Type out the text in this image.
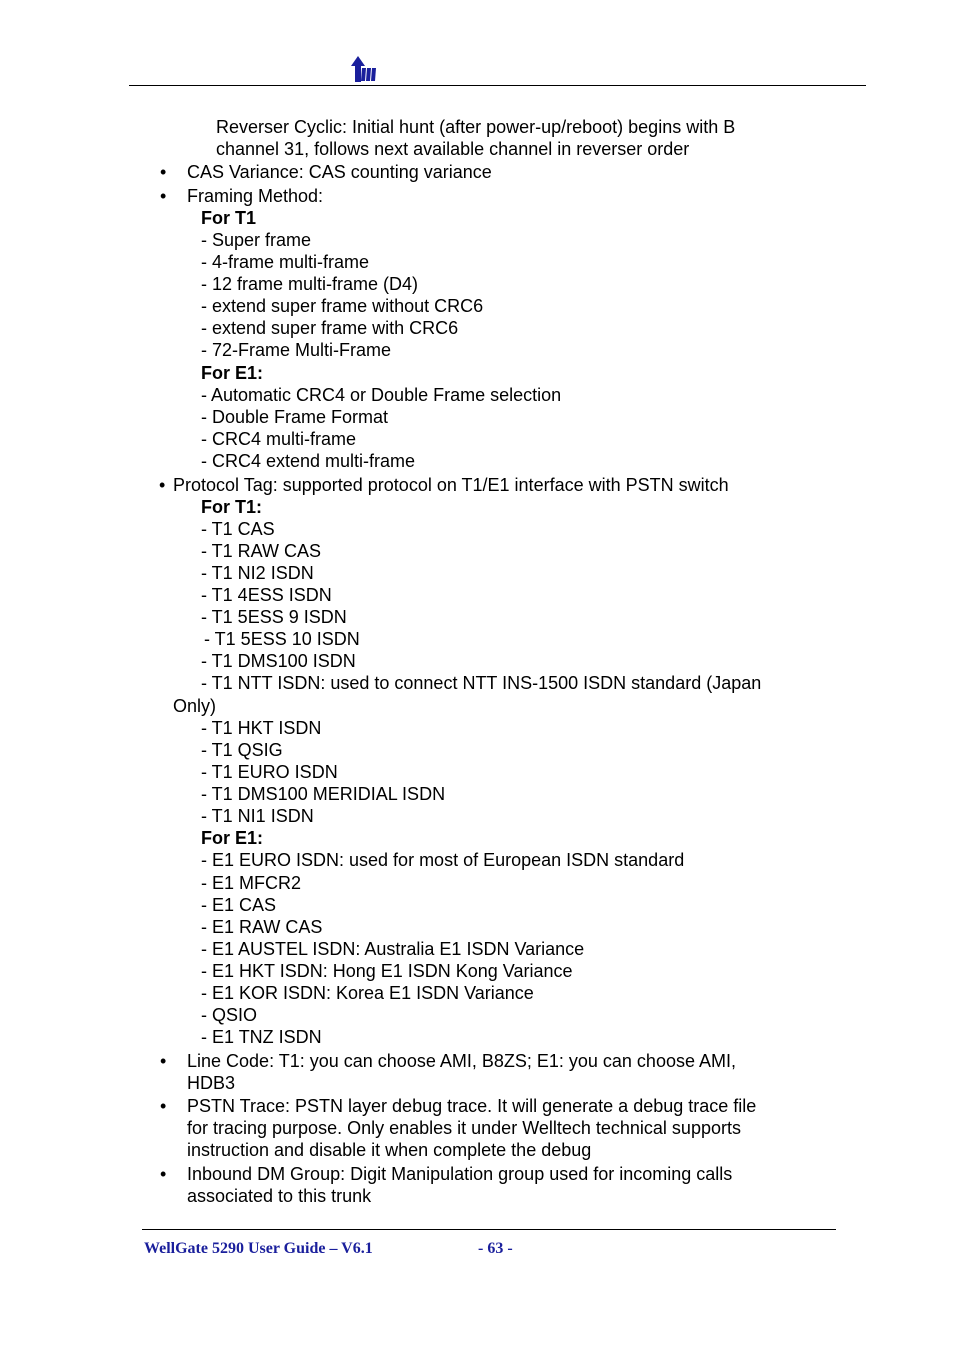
Reverser Cyclic: Initial hunt (after power-up/reboot) begins with B
channel 31, follows next available channel in reverser order
• CAS Variance: CAS counting variance
• Framing Method:
For T1
- Super frame
- 4-frame multi-frame
- 12 frame multi-frame (D4)
- extend super frame without CRC6
- extend super frame with CRC6
- 72-Frame Multi-Frame
For E1:
- Automatic CRC4 or Double Frame selection
- Double Frame Format
- CRC4 multi-frame
- CRC4 extend multi-frame
• Protocol Tag: supported protocol on T1/E1 interface with PSTN switch
For T1:
- T1 CAS
- T1 RAW CAS
- T1 NI2 ISDN
- T1 4ESS ISDN
- T1 5ESS 9 ISDN
- T1 5ESS 10 ISDN
- T1 DMS100 ISDN
- T1 NTT ISDN: used to connect NTT INS-1500 ISDN standard (Japan
Only)
- T1 HKT ISDN
- T1 QSIG
- T1 EURO ISDN
- T1 DMS100 MERIDIAL ISDN
- T1 NI1 ISDN
For E1:
- E1 EURO ISDN: used for most of European ISDN standard
- E1 MFCR2
- E1 CAS
- E1 RAW CAS
- E1 AUSTEL ISDN: Australia E1 ISDN Variance
- E1 HKT ISDN: Hong E1 ISDN Kong Variance
- E1 KOR ISDN: Korea E1 ISDN Variance
- QSIO
- E1 TNZ ISDN
• Line Code: T1: you can choose AMI, B8ZS; E1: you can choose AMI,
HDB3
• PSTN Trace: PSTN layer debug trace. It will generate a debug trace file
for tracing purpose. Only enables it under Welltech technical supports
instruction and disable it when complete the debug
• Inbound DM Group: Digit Manipulation group used for incoming calls
associated to this trunk
WellGate 5290 User Guide – V6.1	- 63 -
